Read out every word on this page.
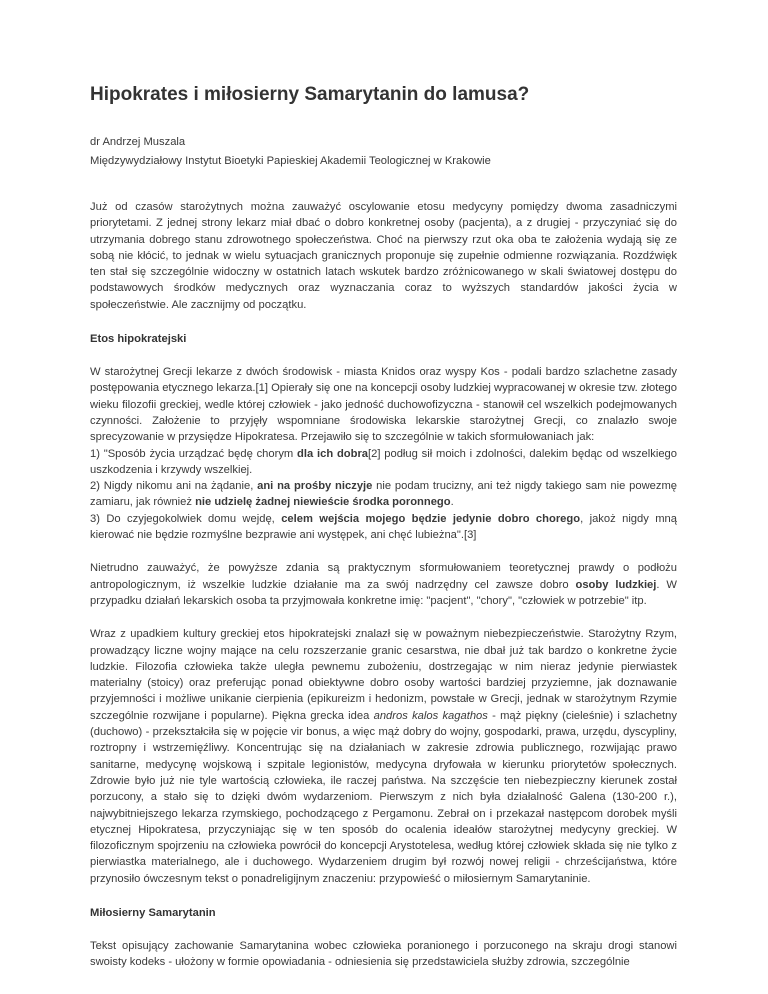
Hipokrates i miłosierny Samarytanin do lamusa?
dr Andrzej Muszala
Międzywydziałowy Instytut Bioetyki Papieskiej Akademii Teologicznej w Krakowie

Już od czasów starożytnych można zauważyć oscylowanie etosu medycyny pomiędzy dwoma zasadniczymi priorytetami. Z jednej strony lekarz miał dbać o dobro konkretnej osoby (pacjenta), a z drugiej - przyczyniać się do utrzymania dobrego stanu zdrowotnego społeczeństwa. Choć na pierwszy rzut oka oba te założenia wydają się ze sobą nie kłócić, to jednak w wielu sytuacjach granicznych proponuje się zupełnie odmienne rozwiązania. Rozdźwięk ten stał się szczególnie widoczny w ostatnich latach wskutek bardzo zróżnicowanego w skali światowej dostępu do podstawowych środków medycznych oraz wyznaczania coraz to wyższych standardów jakości życia w społeczeństwie. Ale zacznijmy od początku.

Etos hipokratejski

W starożytnej Grecji lekarze z dwóch środowisk - miasta Knidos oraz wyspy Kos - podali bardzo szlachetne zasady postępowania etycznego lekarza.[1] Opierały się one na koncepcji osoby ludzkiej wypracowanej w okresie tzw. złotego wieku filozofii greckiej, wedle której człowiek - jako jedność duchowofizyczna - stanowił cel wszelkich podejmowanych czynności. Założenie to przyjęły wspomniane środowiska lekarskie starożytnej Grecji, co znalazło swoje sprecyzowanie w przysiędze Hipokratesa. Przejawiło się to szczególnie w takich sformułowaniach jak:
1) "Sposób życia urządzać będę chorym dla ich dobra[2] podług sił moich i zdolności, dalekim będąc od wszelkiego uszkodzenia i krzywdy wszelkiej.
2) Nigdy nikomu ani na żądanie, ani na prośby niczyje nie podam trucizny, ani też nigdy takiego sam nie powezmę zamiaru, jak również nie udzielę żadnej niewieście środka poronnego.
3) Do czyjegokolwiek domu wejdę, celem wejścia mojego będzie jedynie dobro chorego, jakoż nigdy mną kierować nie będzie rozmyślne bezprawie ani występek, ani chęć lubieżna".[3]

Nietrudno zauważyć, że powyższe zdania są praktycznym sformułowaniem teoretycznej prawdy o podłożu antropologicznym, iż wszelkie ludzkie działanie ma za swój nadrzędny cel zawsze dobro osoby ludzkiej. W przypadku działań lekarskich osoba ta przyjmowała konkretne imię: "pacjent", "chory", "człowiek w potrzebie" itp.

Wraz z upadkiem kultury greckiej etos hipokratejski znalazł się w poważnym niebezpieczeństwie. Starożytny Rzym, prowadzący liczne wojny mające na celu rozszerzanie granic cesarstwa, nie dbał już tak bardzo o konkretne życie ludzkie. Filozofia człowieka także uległa pewnemu zubożeniu, dostrzegając w nim nieraz jedynie pierwiastek materialny (stoicy) oraz preferując ponad obiektywne dobro osoby wartości bardziej przyziemne, jak doznawanie przyjemności i możliwe unikanie cierpienia (epikureizm i hedonizm, powstałe w Grecji, jednak w starożytnym Rzymie szczególnie rozwijane i popularne). Piękna grecka idea andros kalos kagathos - mąż piękny (cieleśnie) i szlachetny (duchowo) - przekształciła się w pojęcie vir bonus, a więc mąż dobry do wojny, gospodarki, prawa, urzędu, dyscypliny, roztropny i wstrzemięźliwy. Koncentrując się na działaniach w zakresie zdrowia publicznego, rozwijając prawo sanitarne, medycynę wojskową i szpitale legionistów, medycyna dryfowała w kierunku priorytetów społecznych. Zdrowie było już nie tyle wartością człowieka, ile raczej państwa. Na szczęście ten niebezpieczny kierunek został porzucony, a stało się to dzięki dwóm wydarzeniom. Pierwszym z nich była działalność Galena (130-200 r.), najwybitniejszego lekarza rzymskiego, pochodzącego z Pergamonu. Zebrał on i przekazał następcom dorobek myśli etycznej Hipokratesa, przyczyniając się w ten sposób do ocalenia ideałów starożytnej medycyny greckiej. W filozoficznym spojrzeniu na człowieka powrócił do koncepcji Arystotelesa, według której człowiek składa się nie tylko z pierwiastka materialnego, ale i duchowego. Wydarzeniem drugim był rozwój nowej religii - chrześcijaństwa, które przynosiło ówczesnym tekst o ponadreligijnym znaczeniu: przypowieść o miłosiernym Samarytaninie.

Miłosierny Samarytanin

Tekst opisujący zachowanie Samarytanina wobec człowieka poranionego i porzuconego na skraju drogi stanowi swoisty kodeks - ułożony w formie opowiadania - odniesienia się przedstawiciela służby zdrowia, szczególnie
